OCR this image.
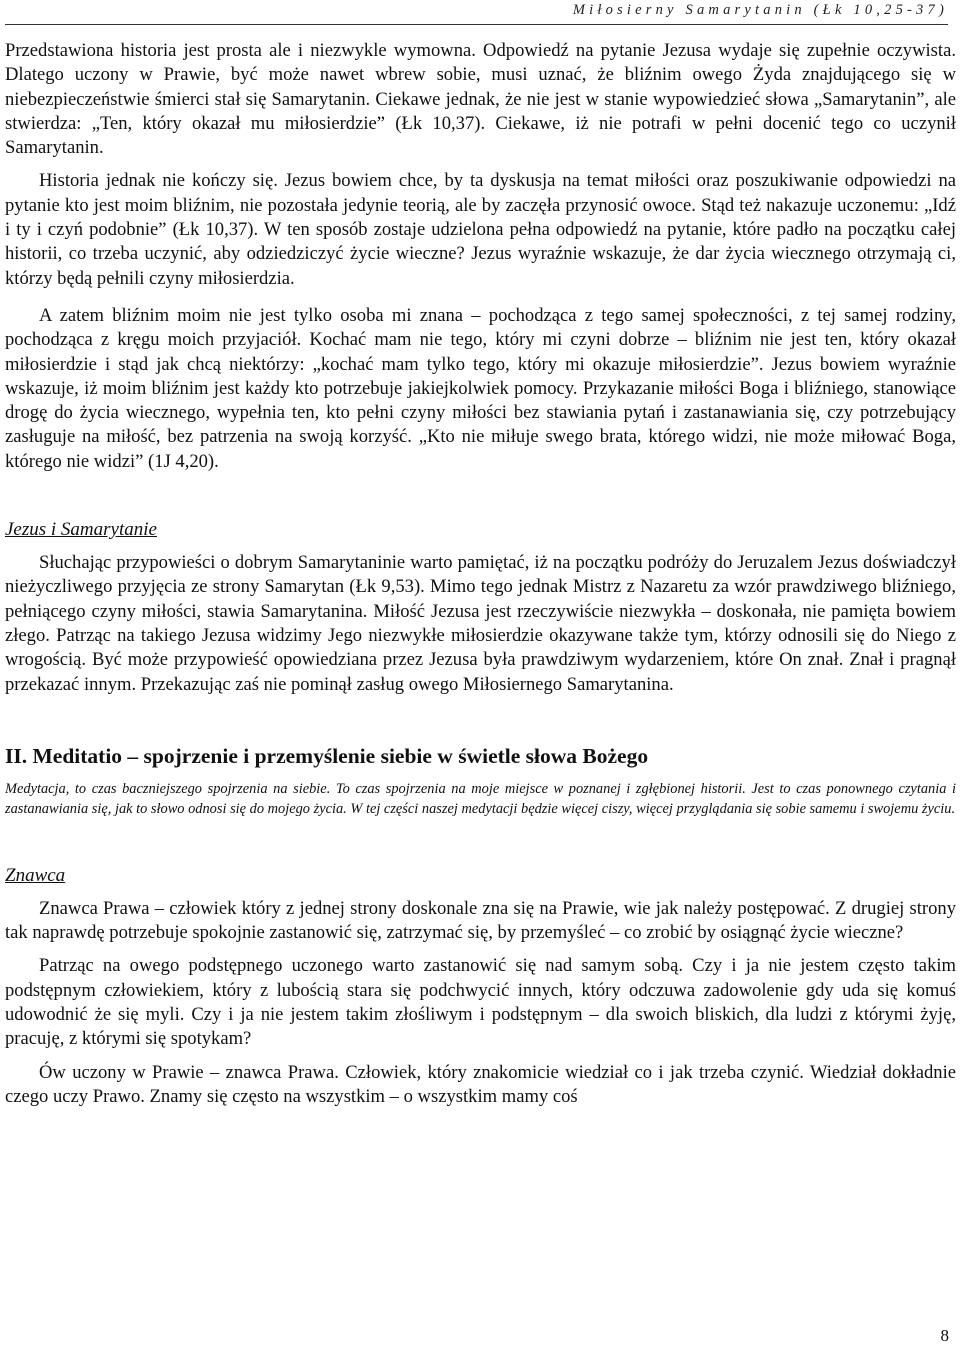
Miłosierny Samarytanin (Łk 10,25-37)

Przedstawiona historia jest prosta ale i niezwykle wymowna. Odpowiedź na pytanie Jezusa wydaje się zupełnie oczywista. Dlatego uczony w Prawie, być może nawet wbrew sobie, musi uznać, że bliźnim owego Żyda znajdującego się w niebezpieczeństwie śmierci stał się Samarytanin. Ciekawe jednak, że nie jest w stanie wypowiedzieć słowa „Samarytanin”, ale stwierdza: „Ten, który okazał mu miłosierdzie” (Łk 10,37). Ciekawe, iż nie potrafi w pełni docenić tego co uczynił Samarytanin.

Historia jednak nie kończy się. Jezus bowiem chce, by ta dyskusja na temat miłości oraz poszukiwanie odpowiedzi na pytanie kto jest moim bliźnim, nie pozostała jedynie teorią, ale by zaczęła przynosić owoce. Stąd też nakazuje uczonemu: „Idź i ty i czyń podobnie” (Łk 10,37). W ten sposób zostaje udzielona pełna odpowiedź na pytanie, które padło na początku całej historii, co trzeba uczynić, aby odziedziczyć życie wieczne? Jezus wyraźnie wskazuje, że dar życia wiecznego otrzymają ci, którzy będą pełnili czyny miłosierdzia.

A zatem bliźnim moim nie jest tylko osoba mi znana – pochodząca z tego samej społeczności, z tej samej rodziny, pochodząca z kręgu moich przyjaciół. Kochać mam nie tego, który mi czyni dobrze – bliźnim nie jest ten, który okazał miłosierdzie i stąd jak chcą niektórzy: „kochać mam tylko tego, który mi okazuje miłosierdzie”. Jezus bowiem wyraźnie wskazuje, iż moim bliźnim jest każdy kto potrzebuje jakiejkolwiek pomocy. Przykazanie miłości Boga i bliźniego, stanowiące drogę do życia wiecznego, wypełnia ten, kto pełni czyny miłości bez stawiania pytań i zastanawiania się, czy potrzebujący zasługuje na miłość, bez patrzenia na swoją korzyść. „Kto nie miłuje swego brata, którego widzi, nie może miłować Boga, którego nie widzi” (1J 4,20).

Jezus i Samarytanie

Słuchając przypowieści o dobrym Samarytaninie warto pamiętać, iż na początku podróży do Jeruzalem Jezus doświadczył nieżyczliwego przyjęcia ze strony Samarytan (Łk 9,53). Mimo tego jednak Mistrz z Nazaretu za wzór prawdziwego bliźniego, pełniącego czyny miłości, stawia Samarytanina. Miłość Jezusa jest rzeczywiście niezwykła – doskonała, nie pamięta bowiem złego. Patrząc na takiego Jezusa widzimy Jego niezwykłe miłosierdzie okazywane także tym, którzy odnosili się do Niego z wrogością. Być może przypowieść opowiedziana przez Jezusa była prawdziwym wydarzeniem, które On znał. Znał i pragnął przekazać innym. Przekazując zaś nie pominął zasług owego Miłosiernego Samarytanina.

II. Meditatio – spojrzenie i przemyślenie siebie w świetle słowa Bożego

Medytacja, to czas baczniejszego spojrzenia na siebie. To czas spojrzenia na moje miejsce w poznanej i zgłębionej historii. Jest to czas ponownego czytania i zastanawiania się, jak to słowo odnosi się do mojego życia. W tej części naszej medytacji będzie więcej ciszy, więcej przyglądania się sobie samemu i swojemu życiu.

Znawca

Znawca Prawa – człowiek który z jednej strony doskonale zna się na Prawie, wie jak należy postępować. Z drugiej strony tak naprawdę potrzebuje spokojnie zastanowić się, zatrzymać się, by przemyśleć – co zrobić by osiągnąć życie wieczne?

Patrząc na owego podstępnego uczonego warto zastanowić się nad samym sobą. Czy i ja nie jestem często takim podstępnym człowiekiem, który z lubością stara się podchwycić innych, który odczuwa zadowolenie gdy uda się komuś udowodnić że się myli. Czy i ja nie jestem takim złośliwym i podstępnym – dla swoich bliskich, dla ludzi z którymi żyję, pracuję, z którymi się spotykam?

Ów uczony w Prawie – znawca Prawa. Człowiek, który znakomicie wiedział co i jak trzeba czynić. Wiedział dokładnie czego uczy Prawo. Znamy się często na wszystkim – o wszystkim mamy coś

8
